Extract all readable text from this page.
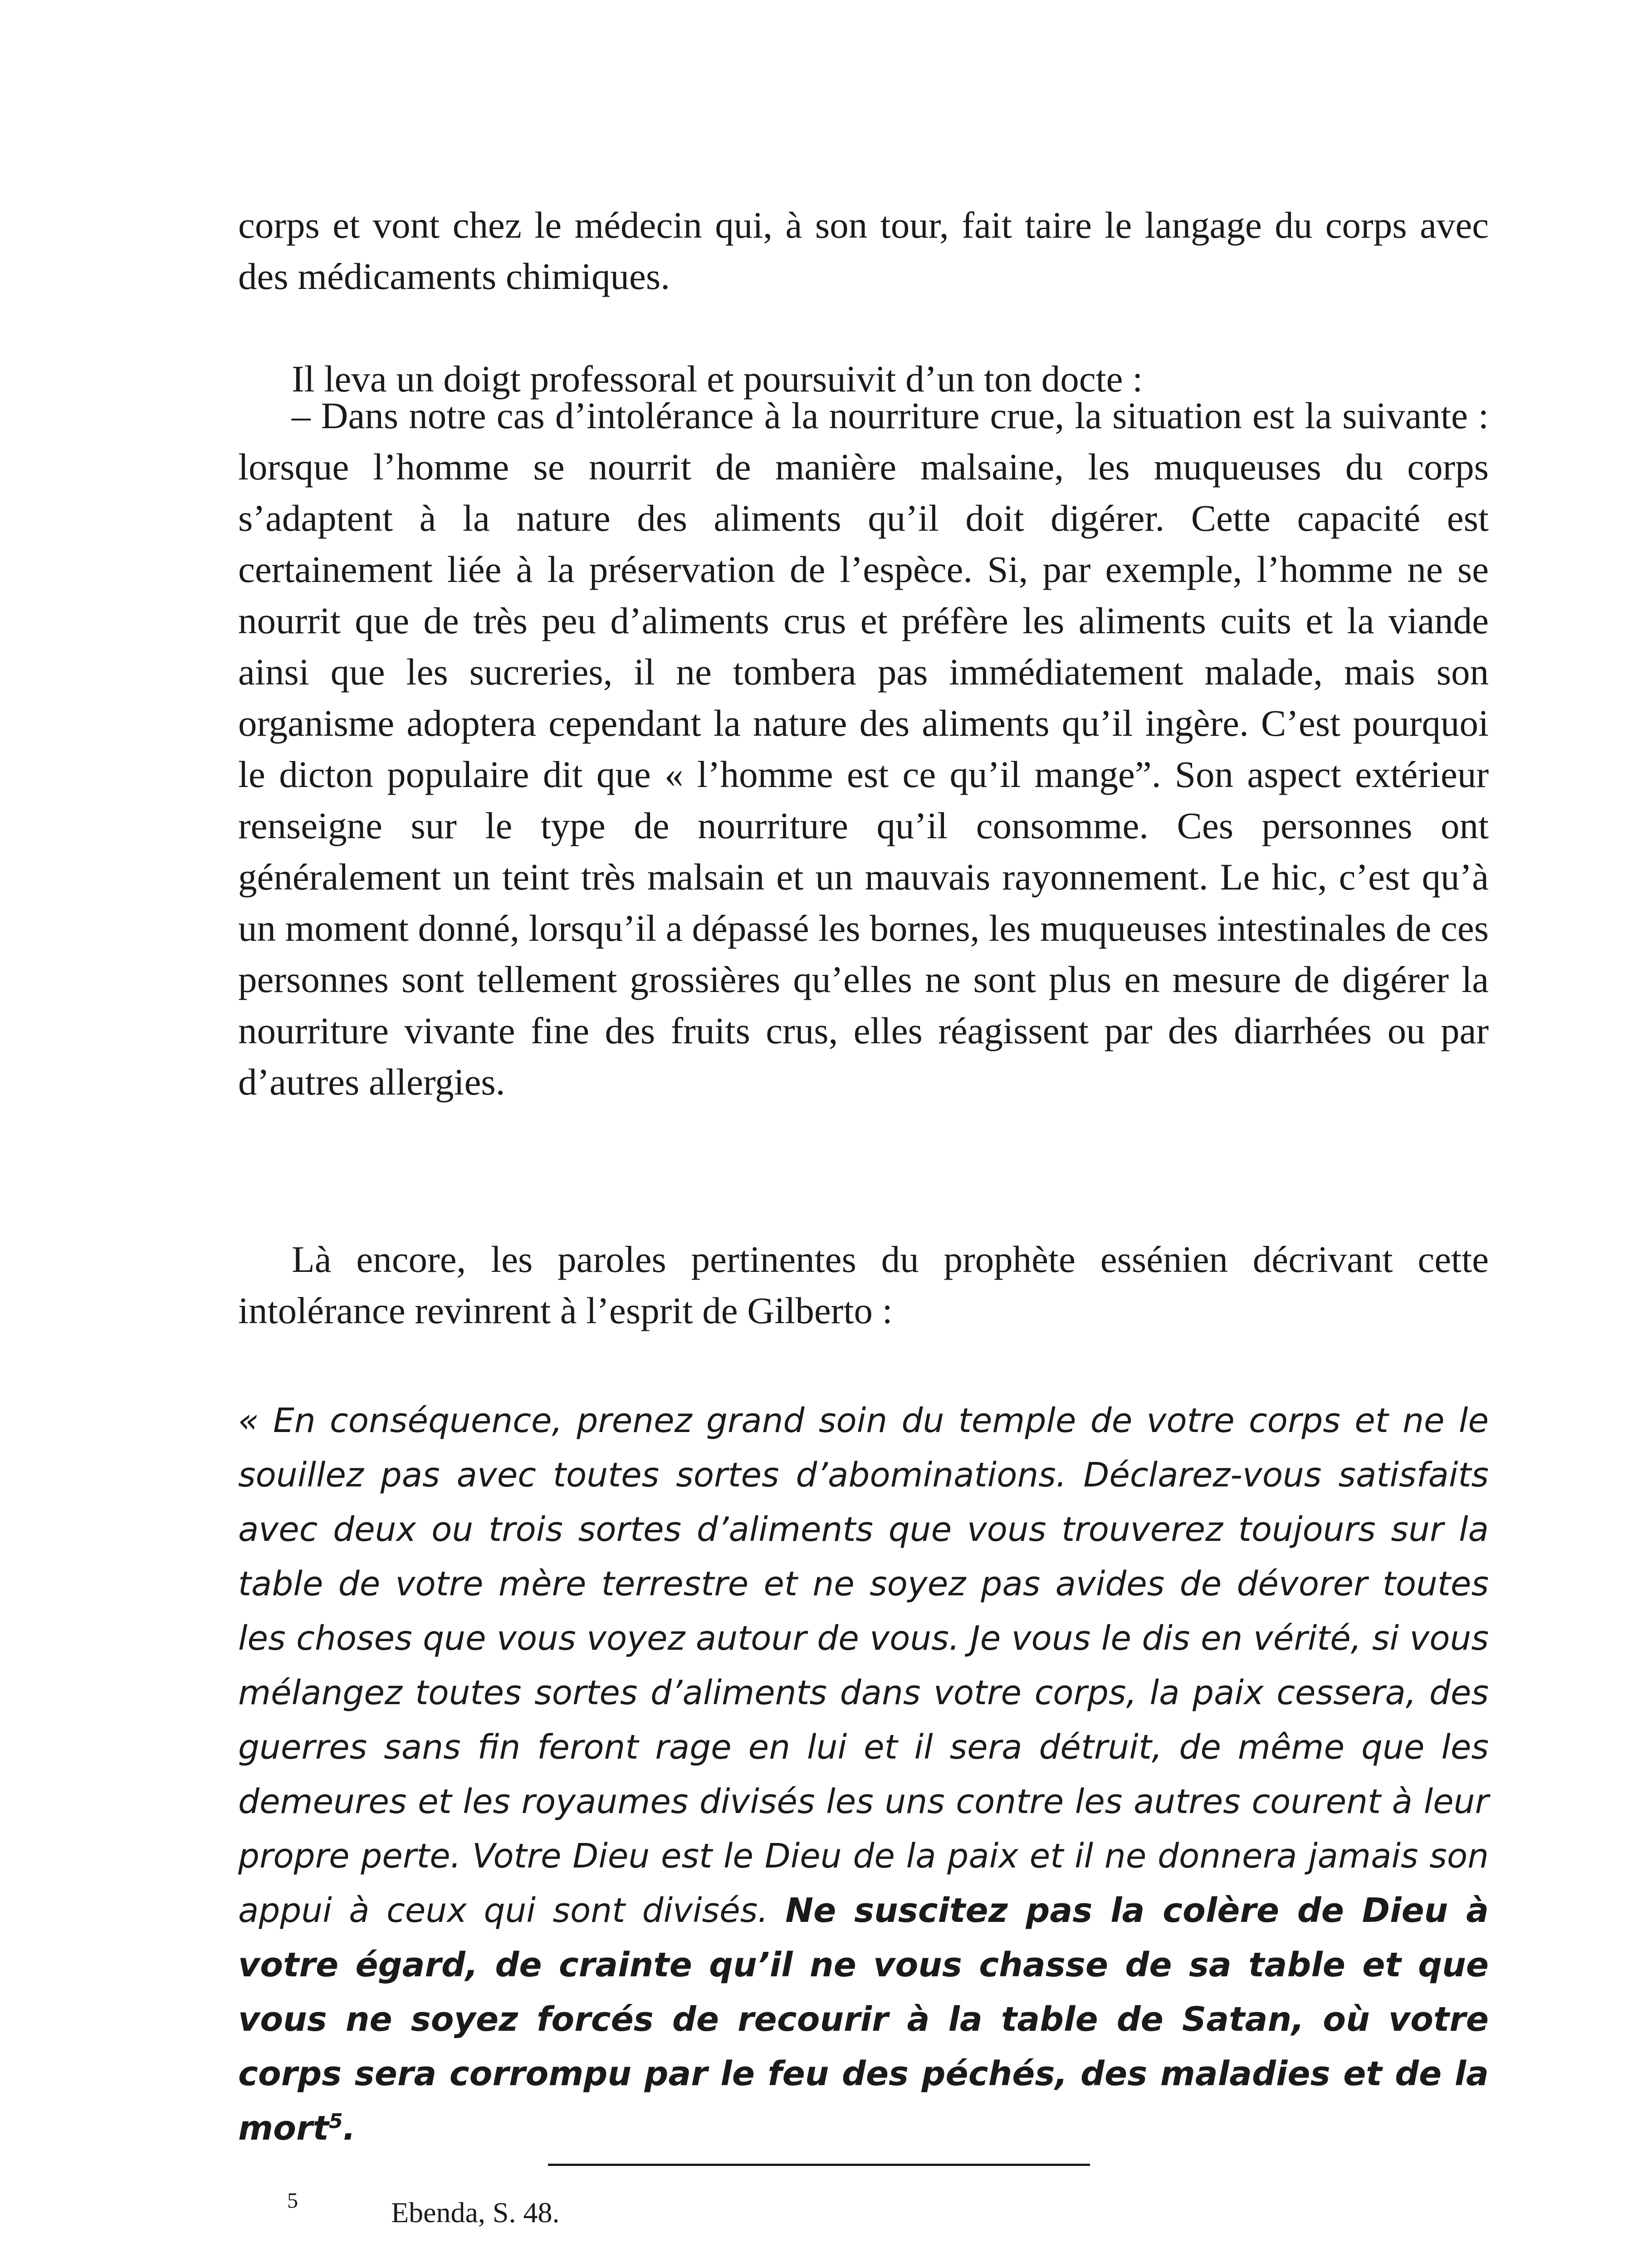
corps et vont chez le médecin qui, à son tour, fait taire le langage du corps avec des médicaments chimiques.

Il leva un doigt professoral et poursuivit d’un ton docte :

– Dans notre cas d’intolérance à la nourriture crue, la situation est la suivante : lorsque l’homme se nourrit de manière malsaine, les muqueuses du corps s’adaptent à la nature des aliments qu’il doit digérer. Cette capacité est certainement liée à la préservation de l’espèce. Si, par exemple, l’homme ne se nourrit que de très peu d’aliments crus et préfère les aliments cuits et la viande ainsi que les sucreries, il ne tombera pas immédiatement malade, mais son organisme adoptera cependant la nature des aliments qu’il ingère. C’est pourquoi le dicton populaire dit que « l’homme est ce qu’il mange”. Son aspect extérieur renseigne sur le type de nourriture qu’il consomme. Ces personnes ont généralement un teint très malsain et un mauvais rayonnement. Le hic, c’est qu’à un moment donné, lorsqu’il a dépassé les bornes, les muqueuses intestinales de ces personnes sont tellement grossières qu’elles ne sont plus en mesure de digérer la nourriture vivante fine des fruits crus, elles réagissent par des diarrhées ou par d’autres allergies.

Là encore, les paroles pertinentes du prophète essénien décrivant cette intolérance revinrent à l’esprit de Gilberto :

« En conséquence, prenez grand soin du temple de votre corps et ne le souillez pas avec toutes sortes d’abominations. Déclarez-vous satisfaits avec deux ou trois sortes d’aliments que vous trouverez toujours sur la table de votre mère terrestre et ne soyez pas avides de dévorer toutes les choses que vous voyez autour de vous. Je vous le dis en vérité, si vous mélangez toutes sortes d’aliments dans votre corps, la paix cessera, des guerres sans fin feront rage en lui et il sera détruit, de même que les demeures et les royaumes divisés les uns contre les autres courent à leur propre perte. Votre Dieu est le Dieu de la paix et il ne donnera jamais son appui à ceux qui sont divisés. Ne suscitez pas la colère de Dieu à votre égard, de crainte qu’il ne vous chasse de sa table et que vous ne soyez forcés de recourir à la table de Satan, où votre corps sera corrompu par le feu des péchés, des maladies et de la mort$^5$.

5	Ebenda, S. 48.
